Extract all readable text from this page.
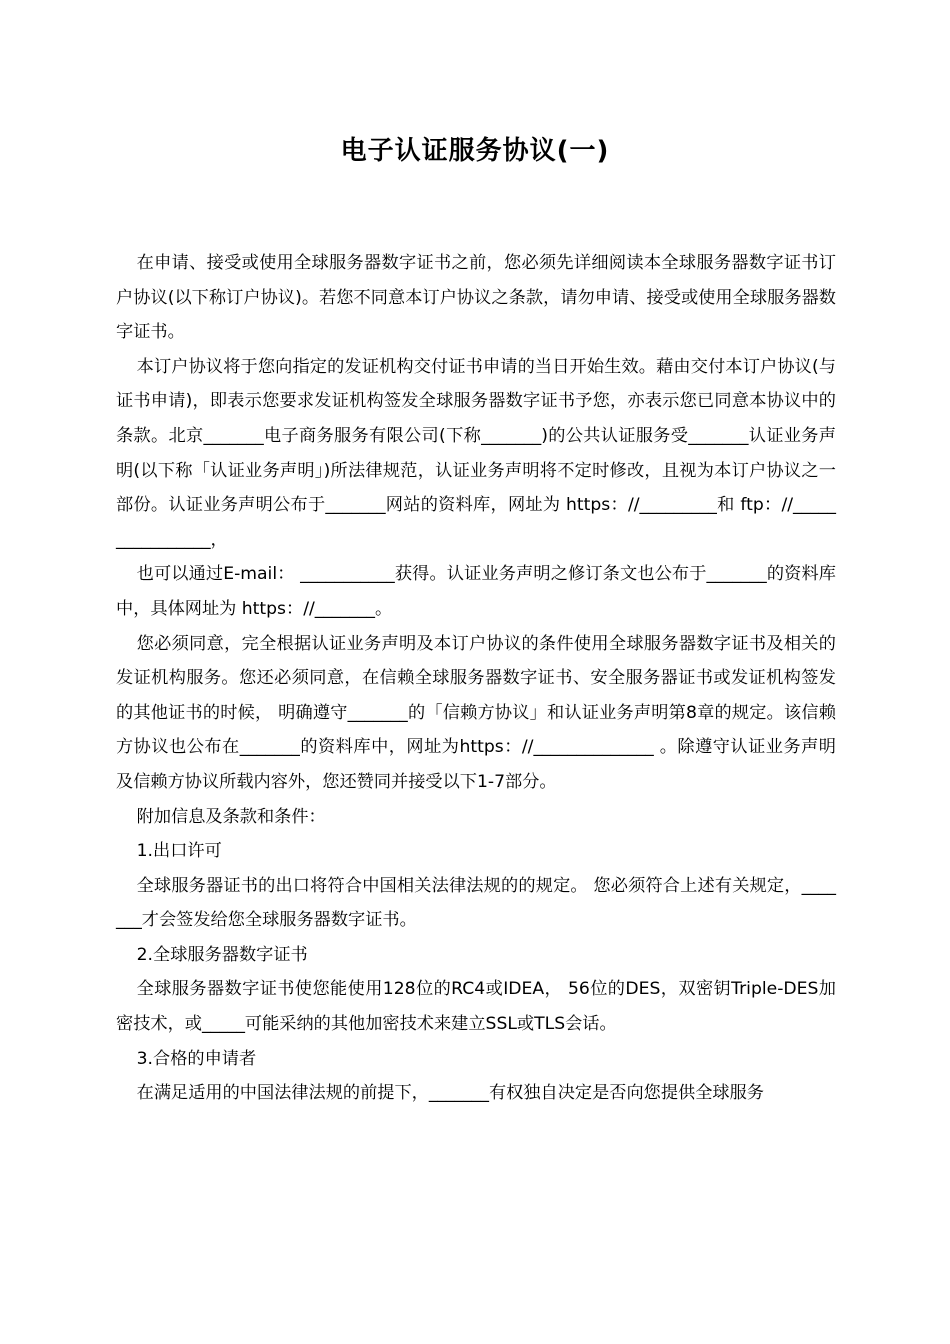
电子认证服务协议(一)

在申请、接受或使用全球服务器数字证书之前，您必须先详细阅读本全球服务器数字证书订户协议(以下称订户协议)。若您不同意本订户协议之条款，请勿申请、接受或使用全球服务器数字证书。

本订户协议将于您向指定的发证机构交付证书申请的当日开始生效。藉由交付本订户协议(与证书申请)，即表示您要求发证机构签发全球服务器数字证书予您，亦表示您已同意本协议中的条款。北京_______电子商务服务有限公司(下称_______)的公共认证服务受_______认证业务声明(以下称「认证业务声明」)所法律规范，认证业务声明将不定时修改，且视为本订户协议之一部份。认证业务声明公布于_______网站的资料库，网址为 https：//_________和 ftp：//________________，

也可以通过E-mail： ___________获得。认证业务声明之修订条文也公布于_______的资料库中，具体网址为 https：//_______。

您必须同意，完全根据认证业务声明及本订户协议的条件使用全球服务器数字证书及相关的发证机构服务。您还必须同意，在信赖全球服务器数字证书、安全服务器证书或发证机构签发的其他证书的时候， 明确遵守_______的「信赖方协议」和认证业务声明第8章的规定。该信赖方协议也公布在_______的资料库中，网址为https：//______________ 。除遵守认证业务声明及信赖方协议所载内容外，您还赞同并接受以下1-7部分。

附加信息及条款和条件：

1.出口许可

全球服务器证书的出口将符合中国相关法律法规的的规定。 您必须符合上述有关规定，_______才会签发给您全球服务器数字证书。

2.全球服务器数字证书

全球服务器数字证书使您能使用128位的RC4或IDEA， 56位的DES，双密钥Triple-DES加密技术，或_____可能采纳的其他加密技术来建立SSL或TLS会话。

3.合格的申请者

在满足适用的中国法律法规的前提下，_______有权独自决定是否向您提供全球服务
